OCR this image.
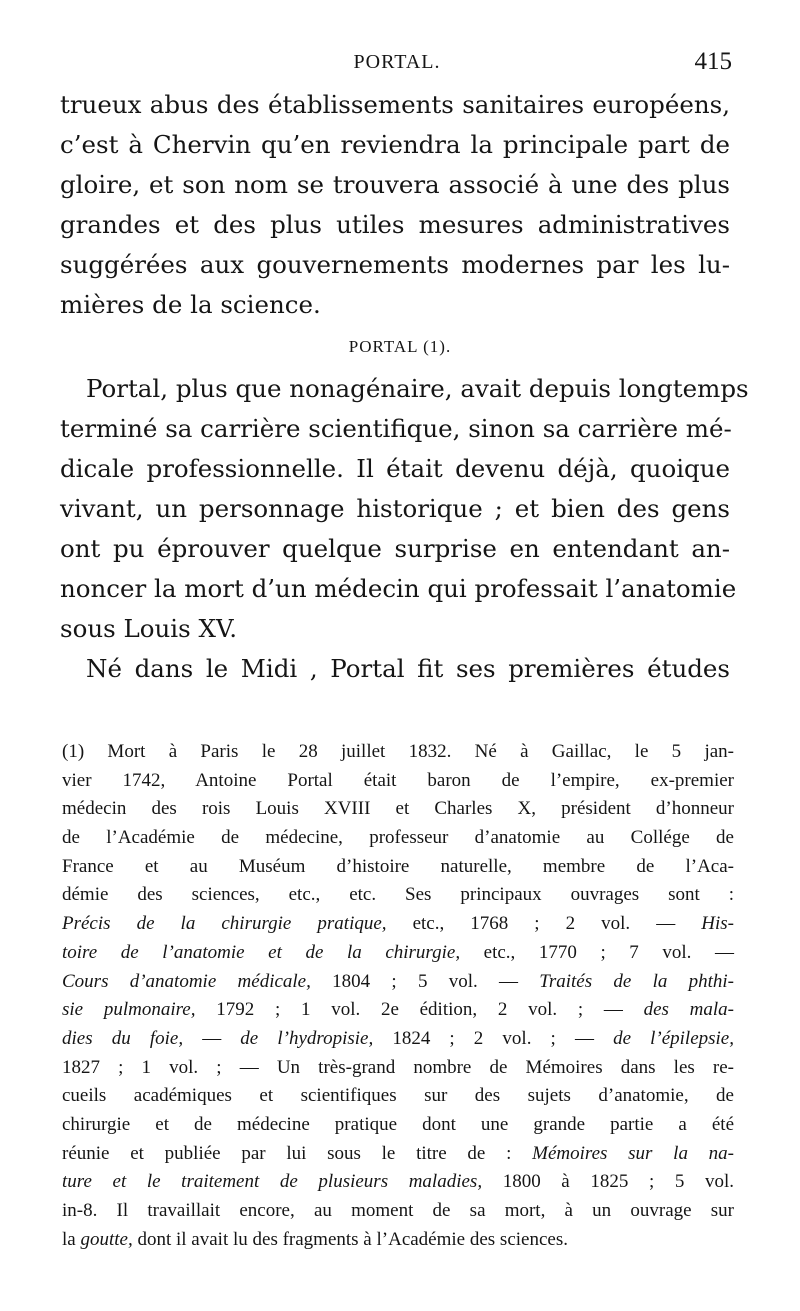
PORTAL.	415
trueux abus des établissements sanitaires européens,
c’est à Chervin qu’en reviendra la principale part de
gloire, et son nom se trouvera associé à une des plus
grandes et des plus utiles mesures administratives
suggérées aux gouvernements modernes par les lu-
mières de la science.
PORTAL (1).
Portal, plus que nonagénaire, avait depuis longtemps
terminé sa carrière scientifique, sinon sa carrière mé-
dicale professionnelle. Il était devenu déjà, quoique
vivant, un personnage historique ; et bien des gens
ont pu éprouver quelque surprise en entendant an-
noncer la mort d’un médecin qui professait l’anatomie
sous Louis XV.
Né dans le Midi , Portal fit ses premières études
(1) Mort à Paris le 28 juillet 1832. Né à Gaillac, le 5 jan-
vier 1742, Antoine Portal était baron de l’empire, ex-premier
médecin des rois Louis XVIII et Charles X, président d’honneur
de l’Académie de médecine, professeur d’anatomie au Collége de
France et au Muséum d’histoire naturelle, membre de l’Aca-
démie des sciences, etc., etc. Ses principaux ouvrages sont :
Précis de la chirurgie pratique, etc., 1768 ; 2 vol. — His-
toire de l’anatomie et de la chirurgie, etc., 1770 ; 7 vol. —
Cours d’anatomie médicale, 1804 ; 5 vol. — Traités de la phthi-
sie pulmonaire, 1792 ; 1 vol. 2e édition, 2 vol. ; — des mala-
dies du foie, — de l’hydropisie, 1824 ; 2 vol. ; — de l’épilepsie,
1827 ; 1 vol. ; — Un très-grand nombre de Mémoires dans les re-
cueils académiques et scientifiques sur des sujets d’anatomie, de
chirurgie et de médecine pratique dont une grande partie a été
réunie et publiée par lui sous le titre de : Mémoires sur la na-
ture et le traitement de plusieurs maladies, 1800 à 1825 ; 5 vol.
in-8. Il travaillait encore, au moment de sa mort, à un ouvrage sur
la goutte, dont il avait lu des fragments à l’Académie des sciences.
